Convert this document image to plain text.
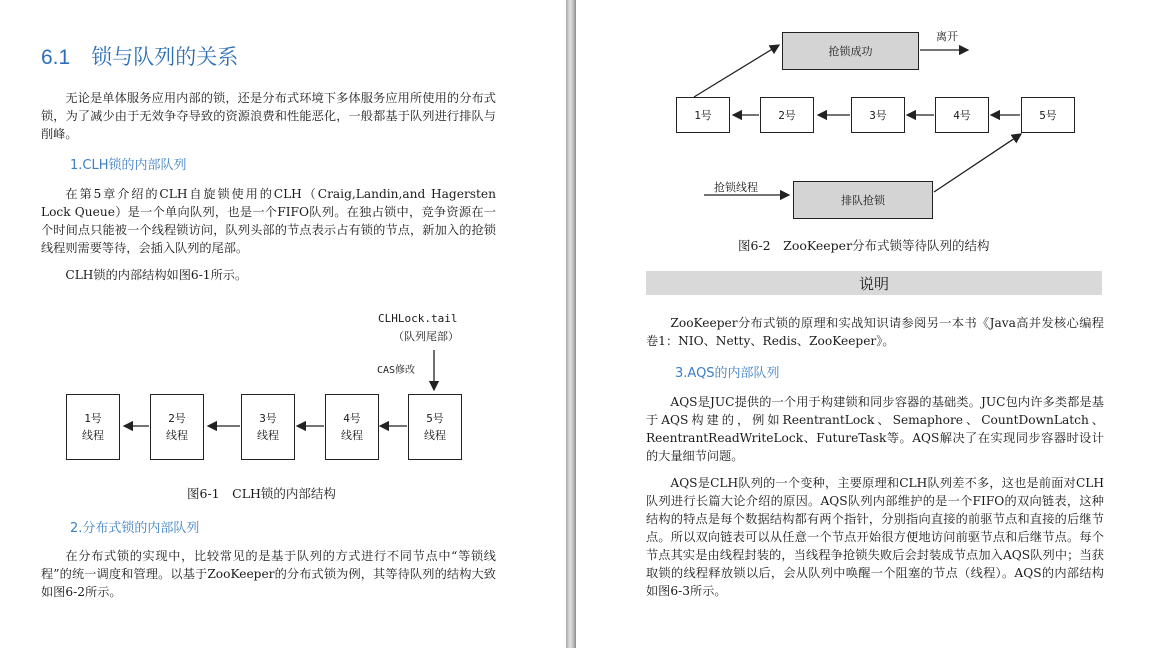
6.1　锁与队列的关系
无论是单体服务应用内部的锁，还是分布式环境下多体服务应用所使用的分布式锁，为了减少由于无效争夺导致的资源浪费和性能恶化，一般都基于队列进行排队与削峰。
1.CLH锁的内部队列
在第5章介绍的CLH自旋锁使用的CLH（Craig,Landin,and Hagersten Lock Queue）是一个单向队列，也是一个FIFO队列。在独占锁中，竞争资源在一个时间点只能被一个线程锁访问，队列头部的节点表示占有锁的节点，新加入的抢锁线程则需要等待，会插入队列的尾部。
CLH锁的内部结构如图6-1所示。
CLHLock.tail
（队列尾部）
CAS修改
1号
线程
2号
线程
3号
线程
4号
线程
5号
线程
图6-1　CLH锁的内部结构
2.分布式锁的内部队列
在分布式锁的实现中，比较常见的是基于队列的方式进行不同节点中“等锁线程”的统一调度和管理。以基于ZooKeeper的分布式锁为例，其等待队列的结构大致如图6-2所示。
抢锁成功
离开
1号	2号	3号	4号	5号
抢锁线程
排队抢锁
图6-2　ZooKeeper分布式锁等待队列的结构
说明
ZooKeeper分布式锁的原理和实战知识请参阅另一本书《Java高并发核心编程 卷1：NIO、Netty、Redis、ZooKeeper》。
3.AQS的内部队列
AQS是JUC提供的一个用于构建锁和同步容器的基础类。JUC包内许多类都是基于AQS构建的，例如ReentrantLock、Semaphore、CountDownLatch、ReentrantReadWriteLock、FutureTask等。AQS解决了在实现同步容器时设计的大量细节问题。
AQS是CLH队列的一个变种，主要原理和CLH队列差不多，这也是前面对CLH队列进行长篇大论介绍的原因。AQS队列内部维护的是一个FIFO的双向链表，这种结构的特点是每个数据结构都有两个指针，分别指向直接的前驱节点和直接的后继节点。所以双向链表可以从任意一个节点开始很方便地访问前驱节点和后继节点。每个节点其实是由线程封装的，当线程争抢锁失败后会封装成节点加入AQS队列中；当获取锁的线程释放锁以后，会从队列中唤醒一个阻塞的节点（线程）。AQS的内部结构如图6-3所示。
